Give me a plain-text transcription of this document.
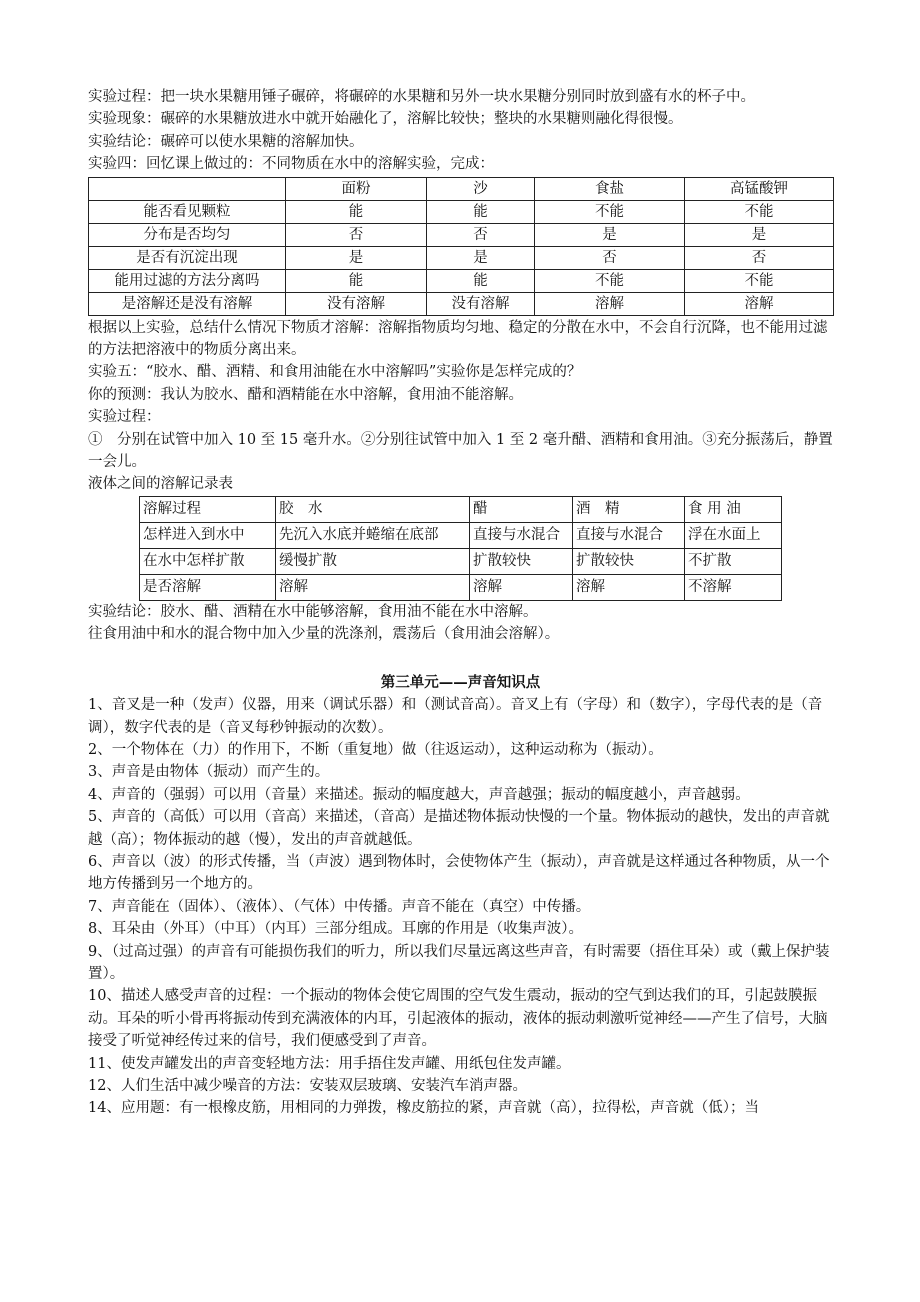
实验过程：把一块水果糖用锤子碾碎，将碾碎的水果糖和另外一块水果糖分别同时放到盛有水的杯子中。

实验现象：碾碎的水果糖放进水中就开始融化了，溶解比较快；整块的水果糖则融化得很慢。

实验结论：碾碎可以使水果糖的溶解加快。

实验四：回忆课上做过的：不同物质在水中的溶解实验，完成：

	面粉	沙	食盐	高锰酸钾
能否看见颗粒	能	能	不能	不能
分布是否均匀	否	否	是	是
是否有沉淀出现	是	是	否	否
能用过滤的方法分离吗	能	能	不能	不能
是溶解还是没有溶解	没有溶解	没有溶解	溶解	溶解

根据以上实验，总结什么情况下物质才溶解：溶解指物质均匀地、稳定的分散在水中，不会自行沉降，也不能用过滤的方法把溶液中的物质分离出来。

实验五：“胶水、醋、酒精、和食用油能在水中溶解吗”实验你是怎样完成的？

你的预测：我认为胶水、醋和酒精能在水中溶解，食用油不能溶解。

实验过程：

①　分别在试管中加入 10 至 15 毫升水。②分别往试管中加入 1 至 2 毫升醋、酒精和食用油。③充分振荡后，静置一会儿。

液体之间的溶解记录表

溶解过程	胶　水	醋	酒　精	食 用 油
怎样进入到水中	先沉入水底并蜷缩在底部	直接与水混合	直接与水混合	浮在水面上
在水中怎样扩散	缓慢扩散	扩散较快	扩散较快	不扩散
是否溶解	溶解	溶解	溶解	不溶解

实验结论：胶水、醋、酒精在水中能够溶解，食用油不能在水中溶解。

往食用油中和水的混合物中加入少量的洗涤剂，震荡后（食用油会溶解）。

第三单元——声音知识点

1、音叉是一种（发声）仪器，用来（调试乐器）和（测试音高）。音叉上有（字母）和（数字），字母代表的是（音调），数字代表的是（音叉每秒钟振动的次数）。

2、一个物体在（力）的作用下，不断（重复地）做（往返运动），这种运动称为（振动）。

3、声音是由物体（振动）而产生的。

4、声音的（强弱）可以用（音量）来描述。振动的幅度越大，声音越强；振动的幅度越小，声音越弱。

5、声音的（高低）可以用（音高）来描述，（音高）是描述物体振动快慢的一个量。物体振动的越快，发出的声音就越（高）；物体振动的越（慢），发出的声音就越低。

6、声音以（波）的形式传播，当（声波）遇到物体时，会使物体产生（振动），声音就是这样通过各种物质，从一个地方传播到另一个地方的。

7、声音能在（固体）、（液体）、（气体）中传播。声音不能在（真空）中传播。

8、耳朵由（外耳）（中耳）（内耳）三部分组成。耳廓的作用是（收集声波）。

9、（过高过强）的声音有可能损伤我们的听力，所以我们尽量远离这些声音，有时需要（捂住耳朵）或（戴上保护装置）。

10、描述人感受声音的过程：一个振动的物体会使它周围的空气发生震动，振动的空气到达我们的耳，引起鼓膜振动。耳朵的听小骨再将振动传到充满液体的内耳，引起液体的振动，液体的振动刺激听觉神经——产生了信号，大脑接受了听觉神经传过来的信号，我们便感受到了声音。

11、使发声罐发出的声音变轻地方法：用手捂住发声罐、用纸包住发声罐。

12、人们生活中减少噪音的方法：安装双层玻璃、安装汽车消声器。

14、应用题：有一根橡皮筋，用相同的力弹拨，橡皮筋拉的紧，声音就（高），拉得松，声音就（低）；当
